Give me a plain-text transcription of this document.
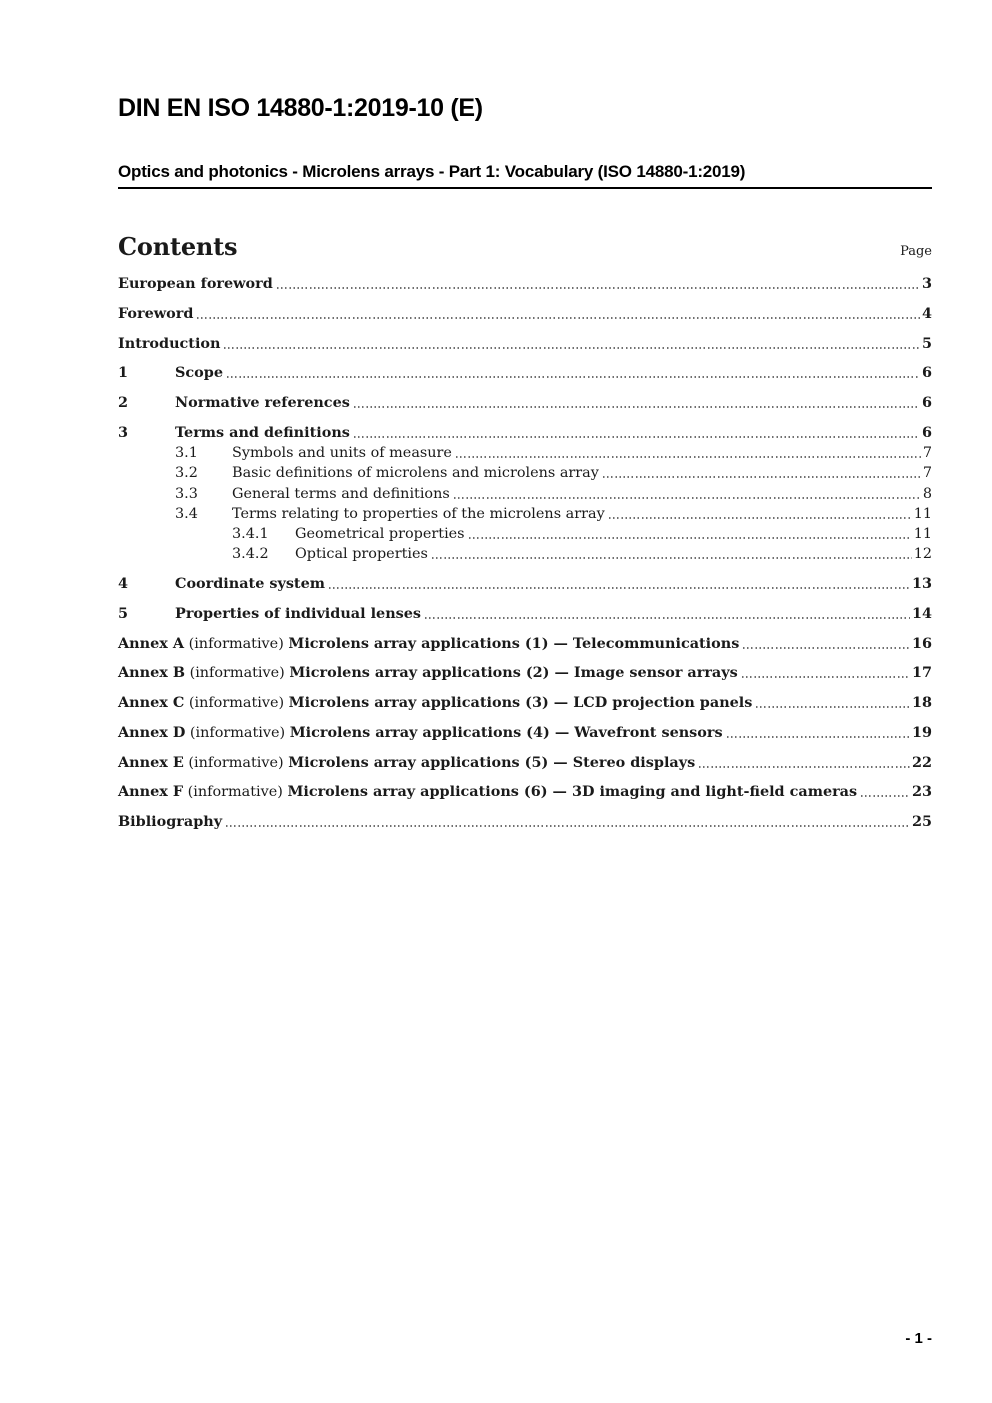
DIN EN ISO 14880-1:2019-10 (E)
Optics and photonics - Microlens arrays - Part 1: Vocabulary (ISO 14880-1:2019)
Contents	Page
European foreword	3
Foreword	4
Introduction	5
1	Scope	6
2	Normative references	6
3	Terms and definitions	6
3.1	Symbols and units of measure	7
3.2	Basic definitions of microlens and microlens array	7
3.3	General terms and definitions	8
3.4	Terms relating to properties of the microlens array	11
3.4.1	Geometrical properties	11
3.4.2	Optical properties	12
4	Coordinate system	13
5	Properties of individual lenses	14
Annex A (informative) Microlens array applications (1) — Telecommunications	16
Annex B (informative) Microlens array applications (2) — Image sensor arrays	17
Annex C (informative) Microlens array applications (3) — LCD projection panels	18
Annex D (informative) Microlens array applications (4) — Wavefront sensors	19
Annex E (informative) Microlens array applications (5) — Stereo displays	22
Annex F (informative) Microlens array applications (6) — 3D imaging and light-field cameras	23
Bibliography	25
- 1 -
